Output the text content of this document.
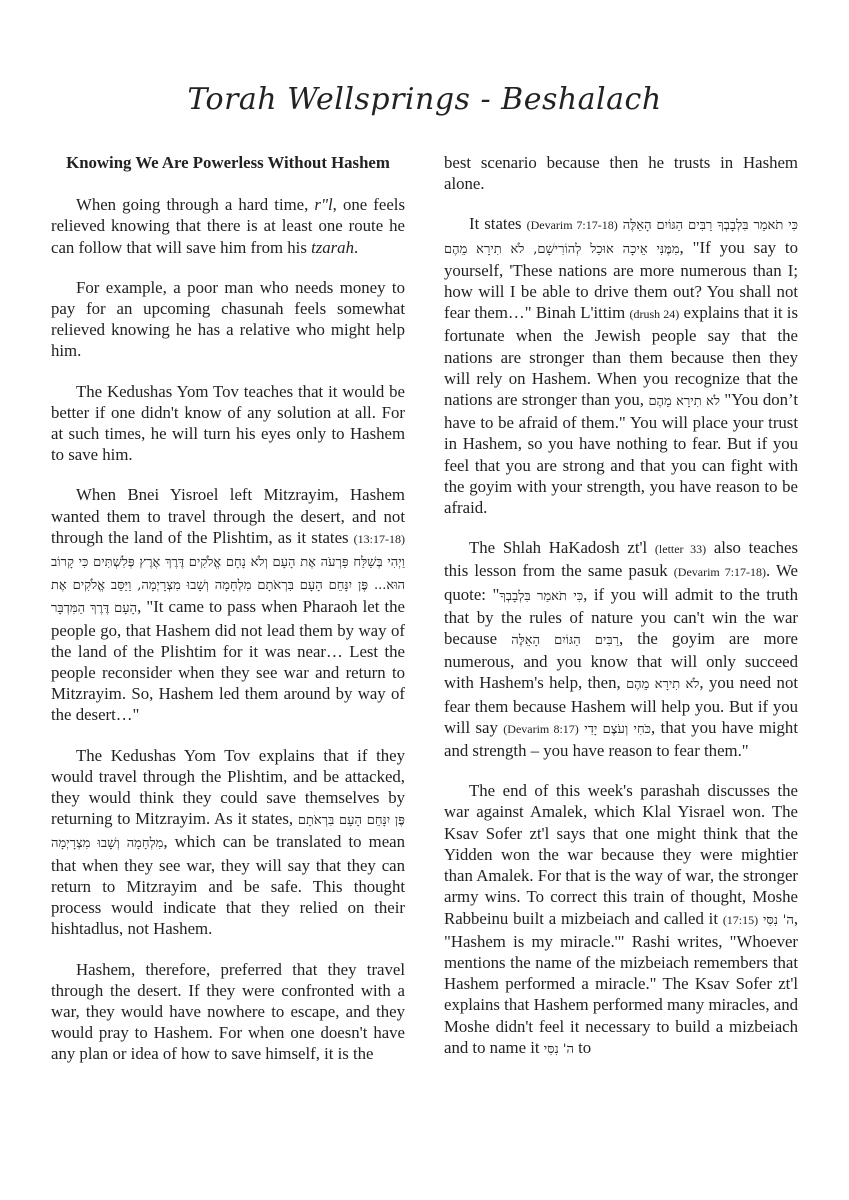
Torah Wellsprings - Beshalach
Knowing We Are Powerless Without Hashem

When going through a hard time, r"l, one feels relieved knowing that there is at least one route he can follow that will save him from his tzarah.

For example, a poor man who needs money to pay for an upcoming chasunah feels somewhat relieved knowing he has a relative who might help him.

The Kedushas Yom Tov teaches that it would be better if one didn't know of any solution at all. For at such times, he will turn his eyes only to Hashem to save him.

When Bnei Yisroel left Mitzrayim, Hashem wanted them to travel through the desert, and not through the land of the Plishtim, as it states (13:17-18) וַיְהִי בְּשַׁלַּח פַּרְעֹה אֶת הָעָם וְלֹא נָחָם אֱלֹקִים דֶּרֶךְ אֶרֶץ פְּלִשְׁתִּים כִּי קָרוֹב הוּא... פֶּן יִנָּחֵם הָעָם בִּרְאֹתָם מִלְחָמָה וְשָׁבוּ מִצְרָיְמָה, וַיַּסֵּב אֱלֹקִים אֶת הָעָם דֶּרֶךְ הַמִּדְבָּר, "It came to pass when Pharaoh let the people go, that Hashem did not lead them by way of the land of the Plishtim for it was near… Lest the people reconsider when they see war and return to Mitzrayim. So, Hashem led them around by way of the desert…"

The Kedushas Yom Tov explains that if they would travel through the Plishtim, and be attacked, they would think they could save themselves by returning to Mitzrayim. As it states, פֶּן יִנָּחֵם הָעָם בִּרְאֹתָם מִלְחָמָה וְשָׁבוּ מִצְרָיְמָה, which can be translated to mean that when they see war, they will say that they can return to Mitzrayim and be safe. This thought process would indicate that they relied on their hishtadlus, not Hashem.

Hashem, therefore, preferred that they travel through the desert. If they were confronted with a war, they would have nowhere to escape, and they would pray to Hashem. For when one doesn't have any plan or idea of how to save himself, it is the

best scenario because then he trusts in Hashem alone.

It states (Devarim 7:17-18) כִּי תֹאמַר בִּלְבָבְךָ רַבִּים הַגּוֹיִם הָאֵלֶּה מִמֶּנִּי אֵיכָה אוּכַל לְהוֹרִישָׁם, לֹא תִירָא מֵהֶם, "If you say to yourself, 'These nations are more numerous than I; how will I be able to drive them out? You shall not fear them…" Binah L'ittim (drush 24) explains that it is fortunate when the Jewish people say that the nations are stronger than them because then they will rely on Hashem. When you recognize that the nations are stronger than you, לֹא תִירָא מֵהֶם "You don’t have to be afraid of them." You will place your trust in Hashem, so you have nothing to fear. But if you feel that you are strong and that you can fight with the goyim with your strength, you have reason to be afraid.

The Shlah HaKadosh zt'l (letter 33) also teaches this lesson from the same pasuk (Devarim 7:17-18). We quote: "כִּי תֹאמַר בִּלְבָבְךָ, if you will admit to the truth that by the rules of nature you can't win the war because רַבִּים הַגּוֹיִם הָאֵלֶּה, the goyim are more numerous, and you know that will only succeed with Hashem's help, then, לֹא תִירָא מֵהֶם, you need not fear them because Hashem will help you. But if you will say (Devarim 8:17) כֹּחִי וְעֹצֶם יָדִי, that you have might and strength – you have reason to fear them."

The end of this week's parashah discusses the war against Amalek, which Klal Yisrael won. The Ksav Sofer zt'l says that one might think that the Yidden won the war because they were mightier than Amalek. For that is the way of war, the stronger army wins. To correct this train of thought, Moshe Rabbeinu built a mizbeiach and called it (17:15) ה' נִסִּי, "Hashem is my miracle.'" Rashi writes, "Whoever mentions the name of the mizbeiach remembers that Hashem performed a miracle." The Ksav Sofer zt'l explains that Hashem performed many miracles, and Moshe didn't feel it necessary to build a mizbeiach and to name it ה' נִסִּי to
